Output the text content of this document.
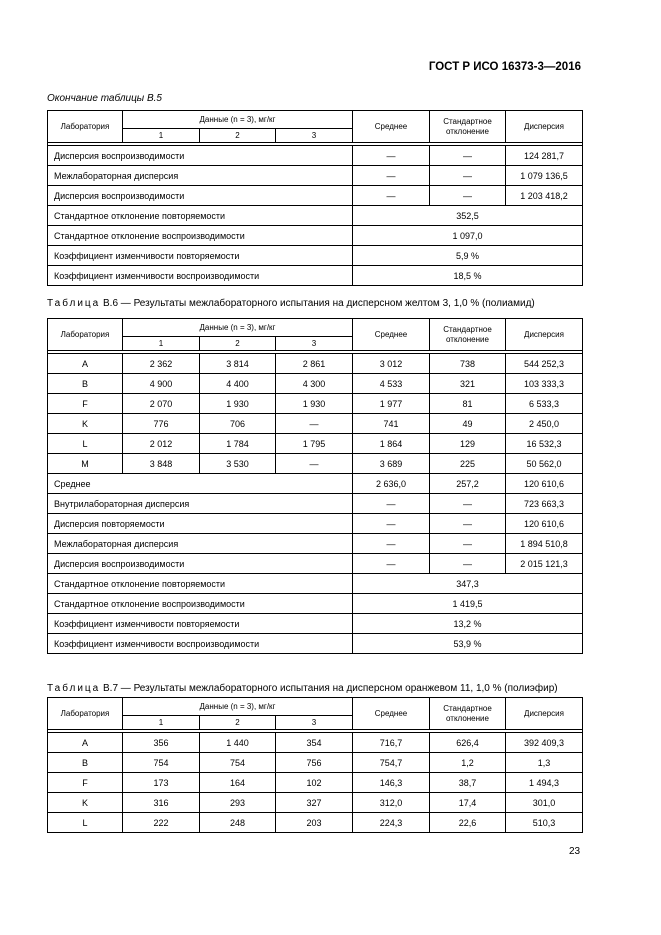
ГОСТ Р ИСО 16373-3—2016
Окончание таблицы В.5
Лаборатория	Данные (n = 3), мг/кг			Среднее	Стандартное отклонение	Дисперсия
	1	2	3			

Дисперсия воспроизводимости				—	—	124 281,7
Межлабораторная дисперсия				—	—	1 079 136,5
Дисперсия воспроизводимости				—	—	1 203 418,2
Стандартное отклонение повторяемости				352,5		
Стандартное отклонение воспроизводимости				1 097,0		
Коэффициент изменчивости повторяемости				5,9 %		
Коэффициент изменчивости воспроизводимости				18,5 %		
Таблица В.6 — Результаты межлабораторного испытания на дисперсном желтом 3, 1,0 % (полиамид)
Лаборатория	Данные (n = 3), мг/кг			Среднее	Стандартное отклонение	Дисперсия
	1	2	3			

А	2 362	3 814	2 861	3 012	738	544 252,3
В	4 900	4 400	4 300	4 533	321	103 333,3
F	2 070	1 930	1 930	1 977	81	6 533,3
K	776	706	—	741	49	2 450,0
L	2 012	1 784	1 795	1 864	129	16 532,3
М	3 848	3 530	—	3 689	225	50 562,0
Среднее				2 636,0	257,2	120 610,6
Внутрилабораторная дисперсия				—	—	723 663,3
Дисперсия повторяемости				—	—	120 610,6
Межлабораторная дисперсия				—	—	1 894 510,8
Дисперсия воспроизводимости				—	—	2 015 121,3
Стандартное отклонение повторяемости				347,3		
Стандартное отклонение воспроизводимости				1 419,5		
Коэффициент изменчивости повторяемости				13,2 %		
Коэффициент изменчивости воспроизводимости				53,9 %		
Таблица В.7 — Результаты межлабораторного испытания на дисперсном оранжевом 11, 1,0 % (полиэфир)
Лаборатория	Данные (n = 3), мг/кг			Среднее	Стандартное отклонение	Дисперсия
	1	2	3			

А	356	1 440	354	716,7	626,4	392 409,3
В	754	754	756	754,7	1,2	1,3
F	173	164	102	146,3	38,7	1 494,3
K	316	293	327	312,0	17,4	301,0
L	222	248	203	224,3	22,6	510,3
23
